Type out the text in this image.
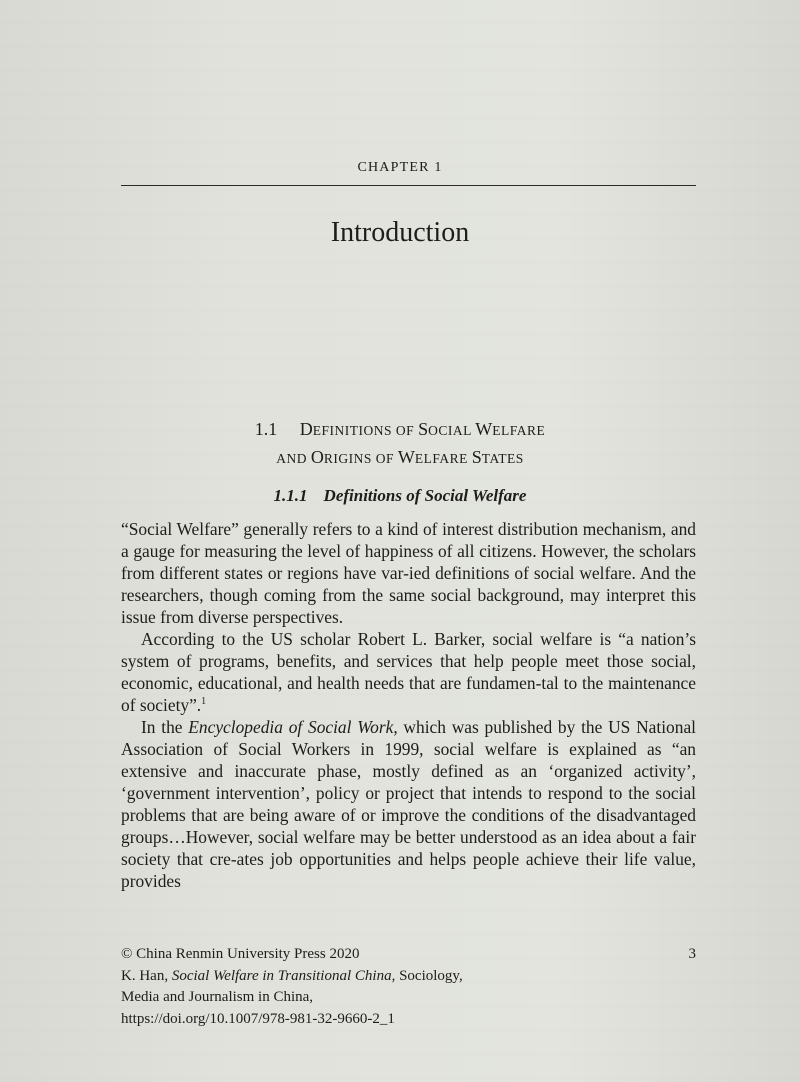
CHAPTER 1
Introduction
1.1 DEFINITIONS OF SOCIAL WELFARE
AND ORIGINS OF WELFARE STATES
1.1.1 Definitions of Social Welfare

“Social Welfare” generally refers to a kind of interest distribution mechanism, and a gauge for measuring the level of happiness of all citizens. However, the scholars from different states or regions have var-ied definitions of social welfare. And the researchers, though coming from the same social background, may interpret this issue from diverse perspectives.

According to the US scholar Robert L. Barker, social welfare is “a nation’s system of programs, benefits, and services that help people meet those social, economic, educational, and health needs that are fundamen-tal to the maintenance of society”.$^1$

In the Encyclopedia of Social Work, which was published by the US National Association of Social Workers in 1999, social welfare is explained as “an extensive and inaccurate phase, mostly defined as an ‘organized activity’, ‘government intervention’, policy or project that intends to respond to the social problems that are being aware of or improve the conditions of the disadvantaged groups…However, social welfare may be better understood as an idea about a fair society that cre-ates job opportunities and helps people achieve their life value, provides

© China Renmin University Press 2020
K. Han, Social Welfare in Transitional China, Sociology,
Media and Journalism in China,
https://doi.org/10.1007/978-981-32-9660-2_1
3
